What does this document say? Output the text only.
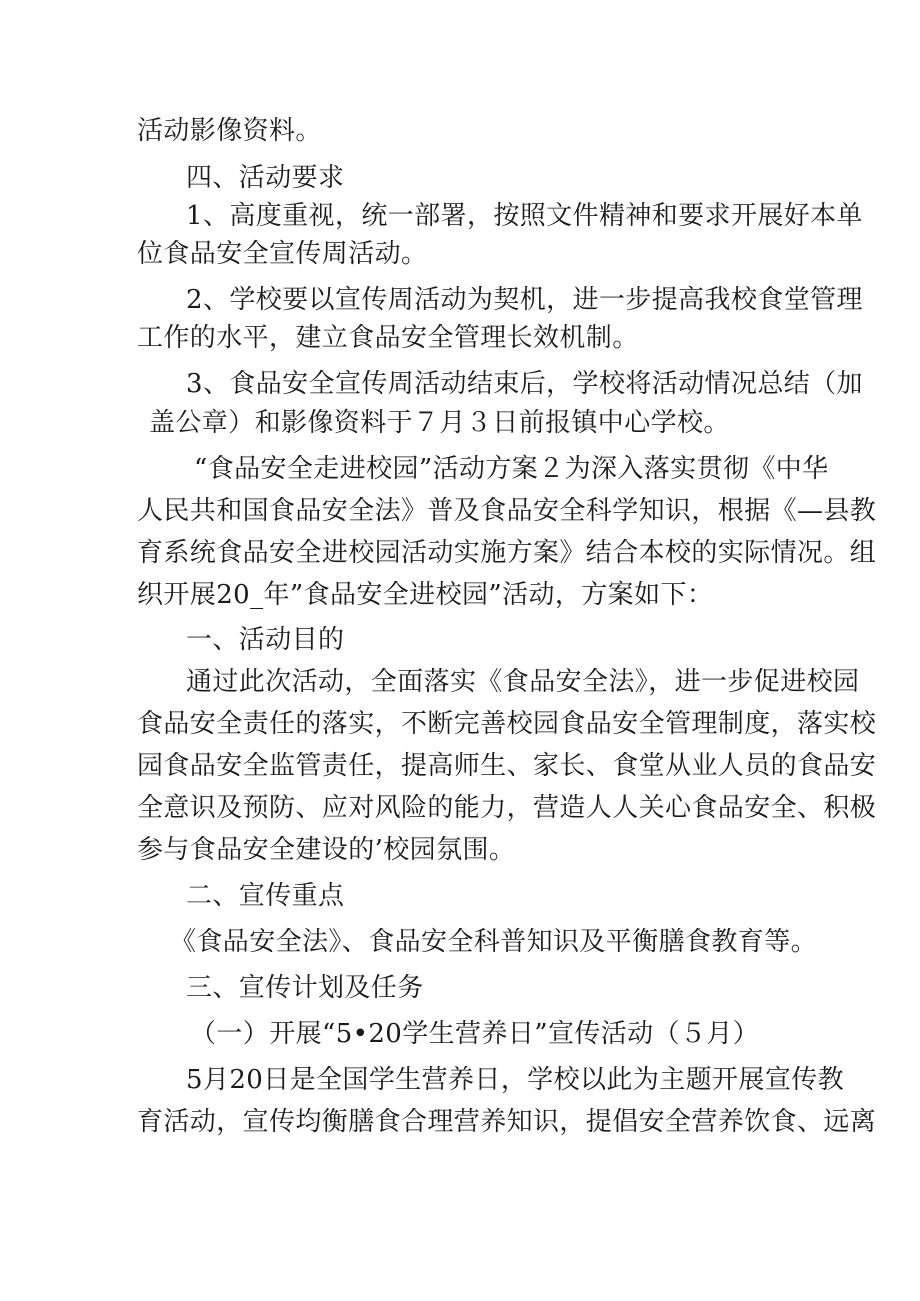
活动影像资料。
四、活动要求
1、高度重视，统一部署，按照文件精神和要求开展好本单
位食品安全宣传周活动。
2、学校要以宣传周活动为契机，进一步提高我校食堂管理
工作的水平，建立食品安全管理长效机制。
3、食品安全宣传周活动结束后，学校将活动情况总结（加
盖公章）和影像资料于７月３日前报镇中心学校。
“食品安全走进校园”活动方案２为深入落实贯彻《中华
人民共和国食品安全法》普及食品安全科学知识，根据《—县教
育系统食品安全进校园活动实施方案》结合本校的实际情况。组
织开展20_年”食品安全进校园”活动，方案如下：
一、活动目的
通过此次活动，全面落实《食品安全法》，进一步促进校园
食品安全责任的落实，不断完善校园食品安全管理制度，落实校
园食品安全监管责任，提高师生、家长、食堂从业人员的食品安
全意识及预防、应对风险的能力，营造人人关心食品安全、积极
参与食品安全建设的’校园氛围。
二、宣传重点
《食品安全法》、食品安全科普知识及平衡膳食教育等。
三、宣传计划及任务
（一）开展“5•20学生营养日”宣传活动（５月）
5月20日是全国学生营养日，学校以此为主题开展宣传教
育活动，宣传均衡膳食合理营养知识，提倡安全营养饮食、远离
